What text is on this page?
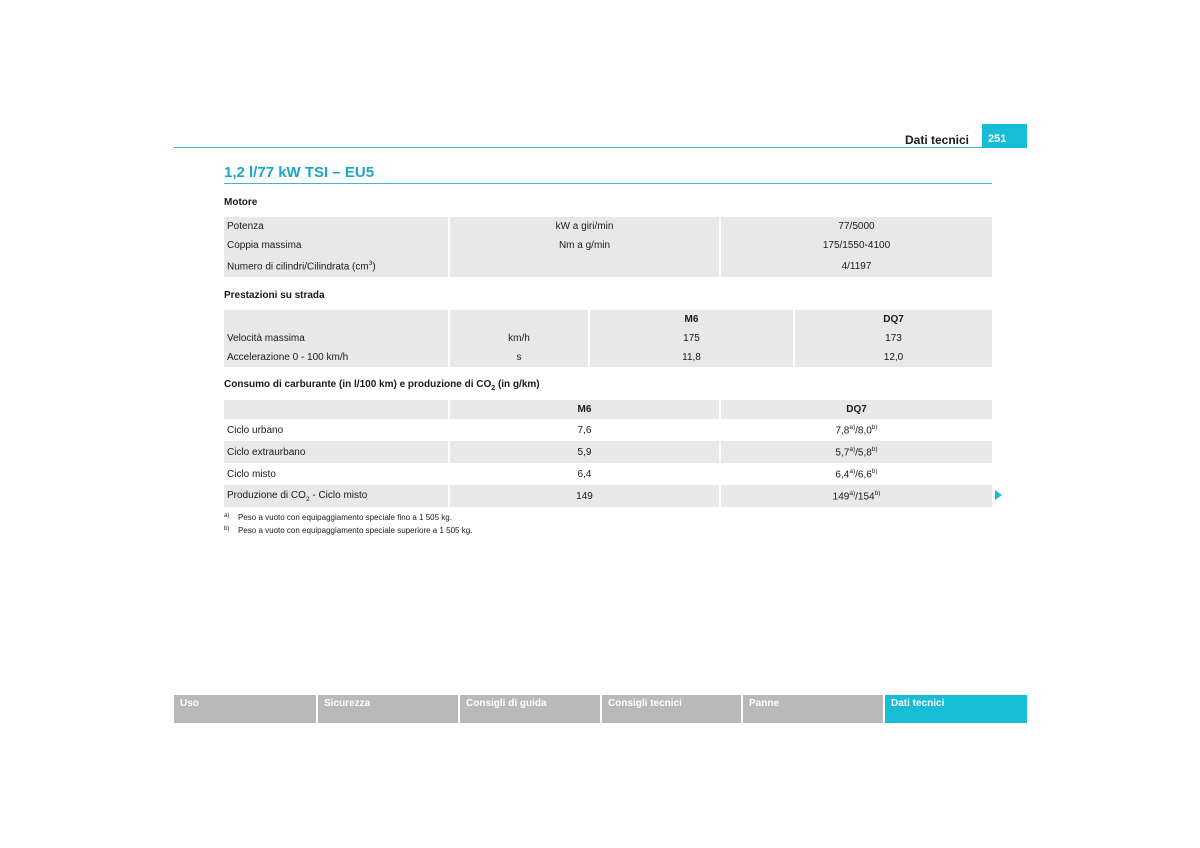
Dati tecnici	251
1,2 l/77 kW TSI – EU5
Motore
Potenza	kW a giri/min	77/5000
Coppia massima	Nm a g/min	175/1550-4100
Numero di cilindri/Cilindrata $(cm^3)$		4/1197
Prestazioni su strada
		M6	DQ7
Velocità massima	km/h	175	173
Accelerazione 0 - 100 km/h	s	11,8	12,0
Consumo di carburante (in l/100 km) e produzione di $CO_2$ (in g/km)
	M6	DQ7
Ciclo urbano	7,6	7,8$^{a)}$/8,0$^{b)}$
Ciclo extraurbano	5,9	5,7$^{a)}$/5,8$^{b)}$
Ciclo misto	6,4	6,4$^{a)}$/6,6$^{b)}$
Produzione di $CO_2$ - Ciclo misto	149	149$^{a)}$/154$^{b)}$
a) Peso a vuoto con equipaggiamento speciale fino a 1 505 kg.
b) Peso a vuoto con equipaggiamento speciale superiore a 1 505 kg.
Uso	Sicurezza	Consigli di guida	Consigli tecnici	Panne	Dati tecnici
